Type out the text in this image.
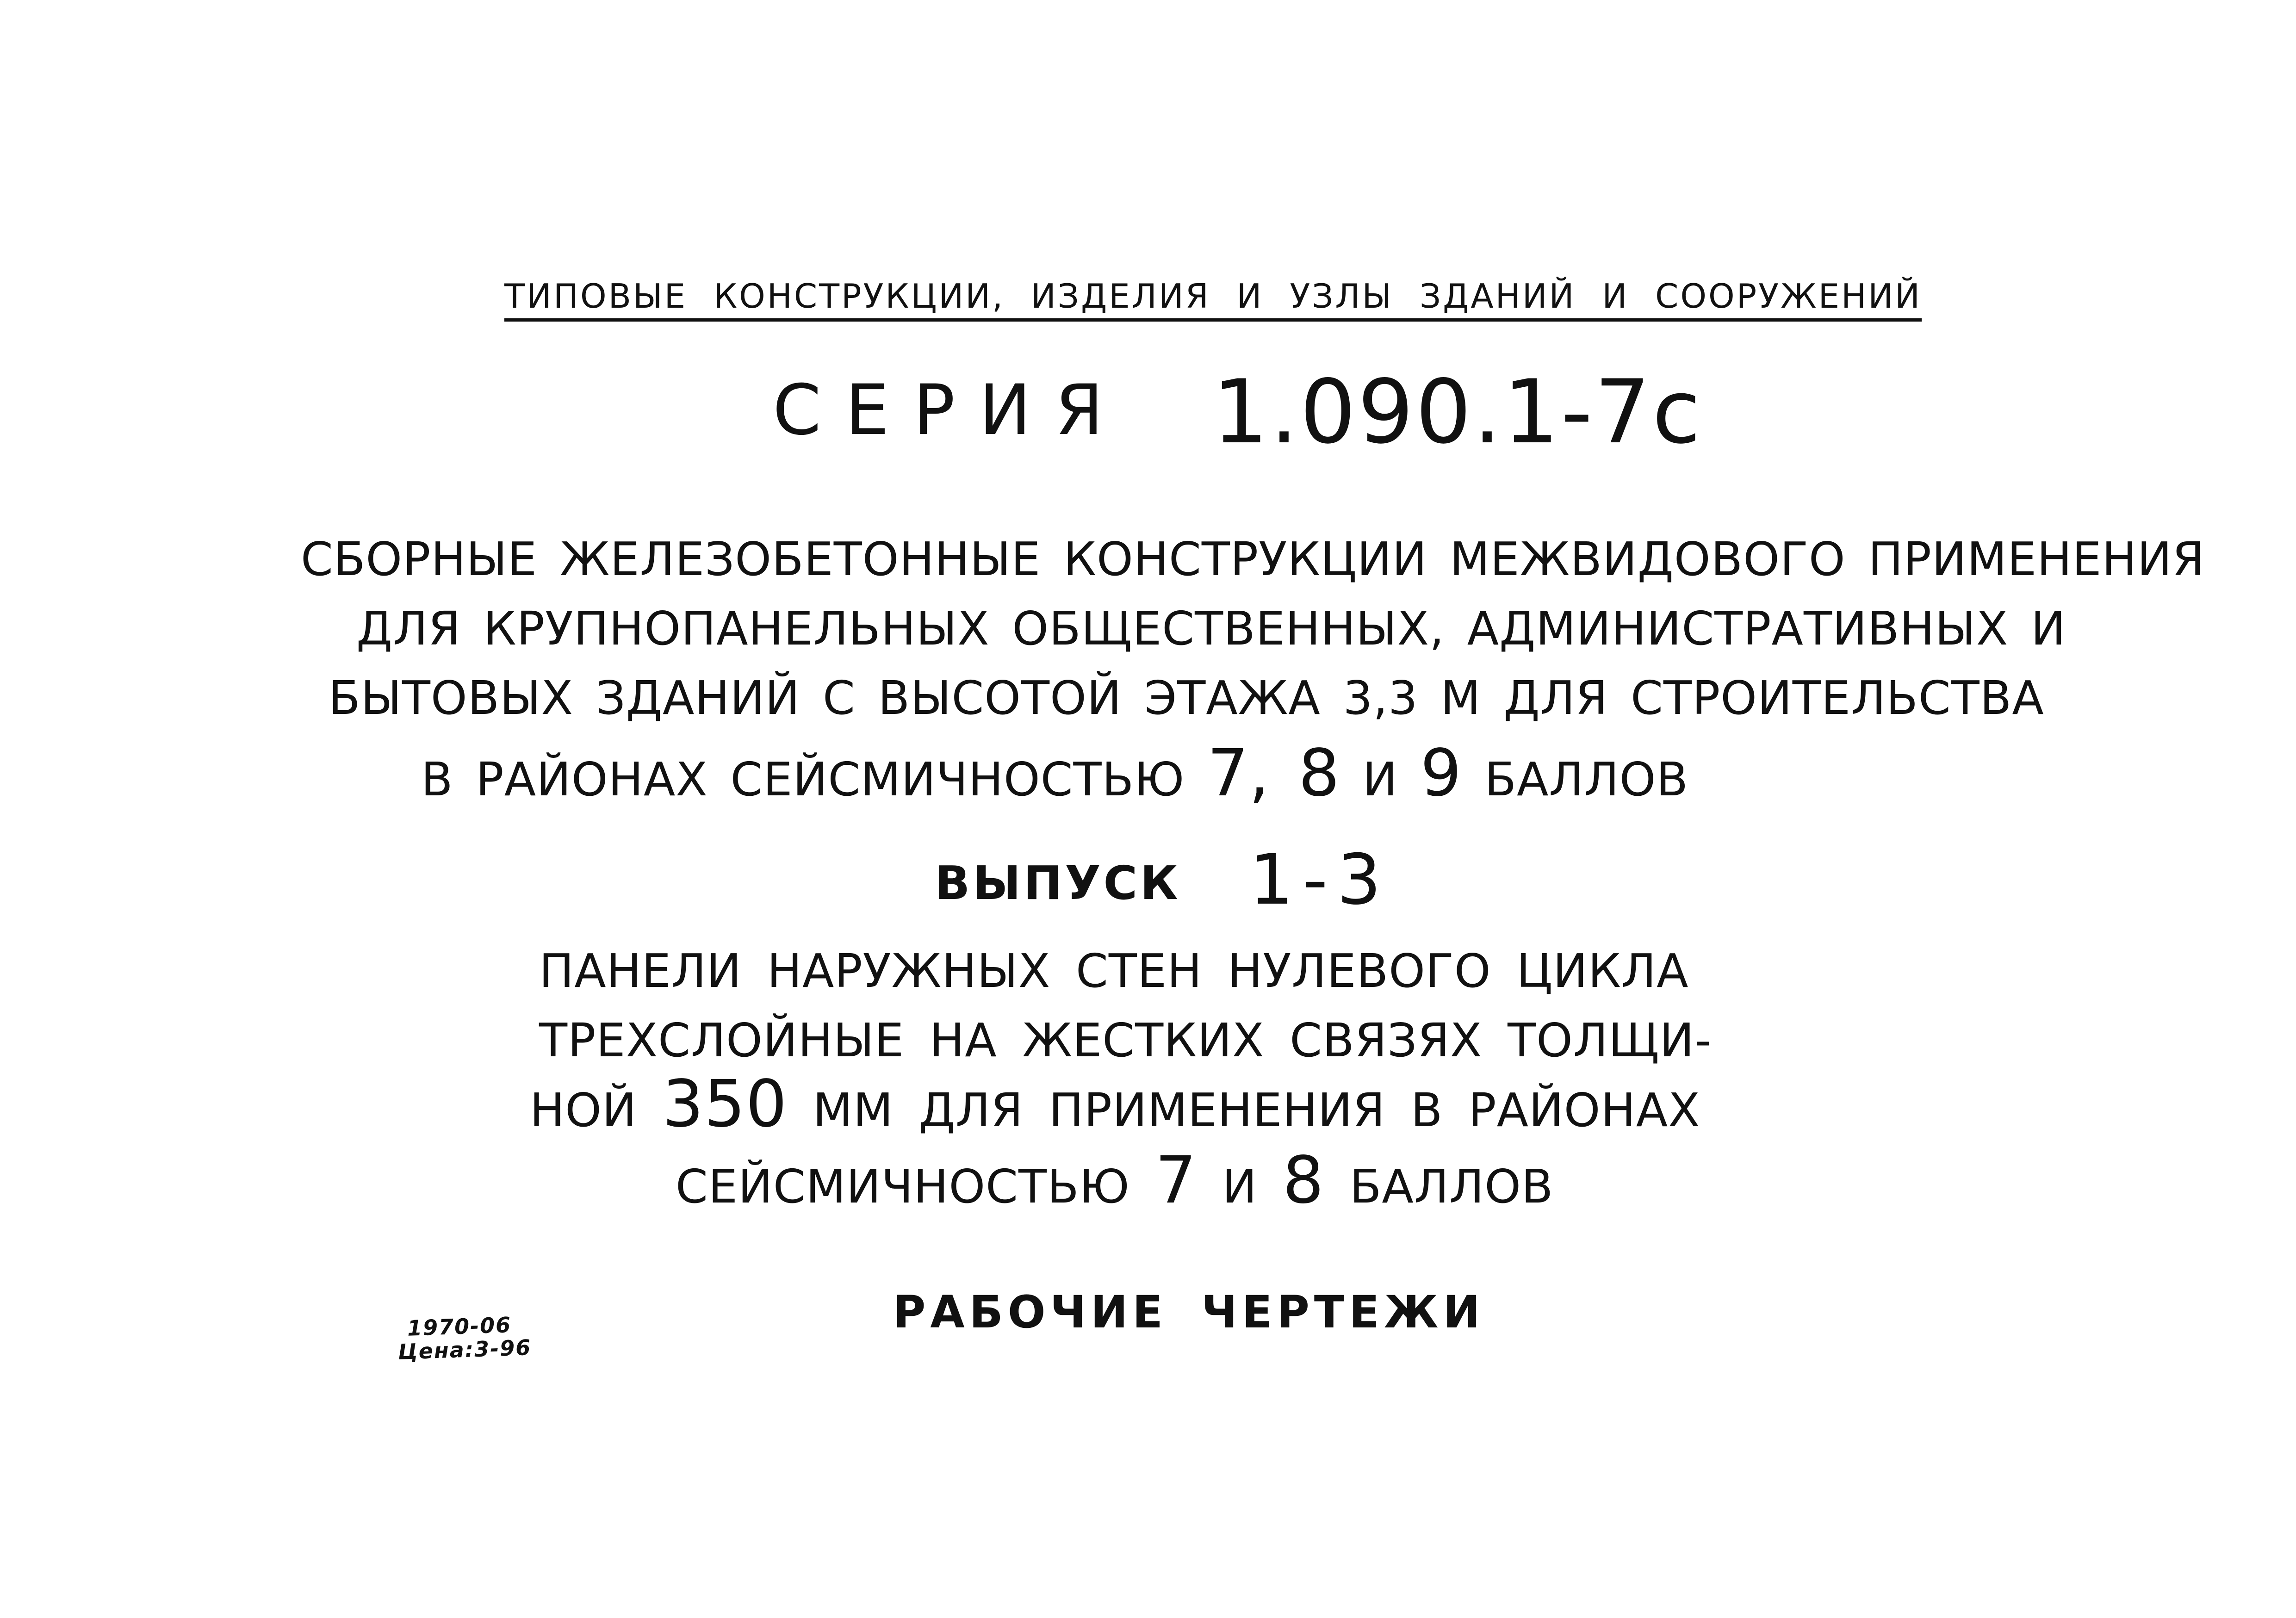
ТИПОВЫЕ КОНСТРУКЦИИ, ИЗДЕЛИЯ И УЗЛЫ ЗДАНИЙ И СООРУЖЕНИЙ
СЕРИЯ 1.090.1-7с
СБОРНЫЕ ЖЕЛЕЗОБЕТОННЫЕ КОНСТРУКЦИИ МЕЖВИДОВОГО ПРИМЕНЕНИЯ
ДЛЯ КРУПНОПАНЕЛЬНЫХ ОБЩЕСТВЕННЫХ, АДМИНИСТРАТИВНЫХ И
БЫТОВЫХ ЗДАНИЙ С ВЫСОТОЙ ЭТАЖА 3,3 М ДЛЯ СТРОИТЕЛЬСТВА
В РАЙОНАХ СЕЙСМИЧНОСТЬЮ 7, 8 И 9 БАЛЛОВ
ВЫПУСК 1-3
ПАНЕЛИ НАРУЖНЫХ СТЕН НУЛЕВОГО ЦИКЛА
ТРЕХСЛОЙНЫЕ НА ЖЕСТКИХ СВЯЗЯХ ТОЛЩИ-
НОЙ 350 ММ ДЛЯ ПРИМЕНЕНИЯ В РАЙОНАХ
СЕЙСМИЧНОСТЬЮ 7 И 8 БАЛЛОВ
1970-06
Цена:3-96
РАБОЧИЕ ЧЕРТЕЖИ
